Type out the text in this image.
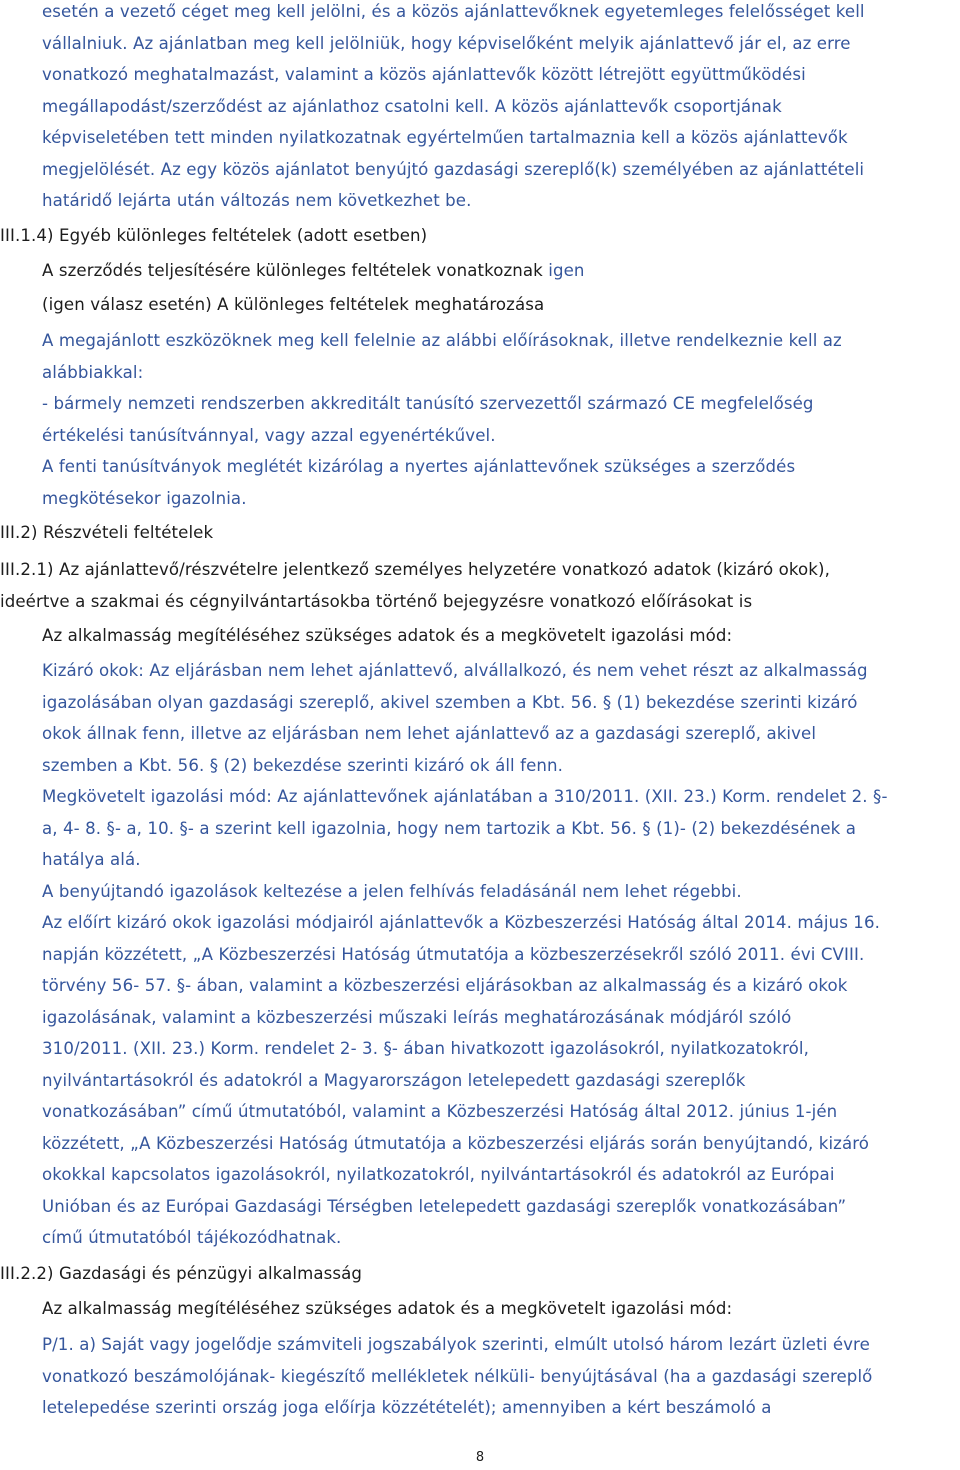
esetén a vezető céget meg kell jelölni, és a közös ajánlattevőknek egyetemleges felelősséget kell
vállalniuk. Az ajánlatban meg kell jelölniük, hogy képviselőként melyik ajánlattevő jár el, az erre
vonatkozó meghatalmazást, valamint a közös ajánlattevők között létrejött együttműködési
megállapodást/szerződést az ajánlathoz csatolni kell. A közös ajánlattevők csoportjának
képviseletében tett minden nyilatkozatnak egyértelműen tartalmaznia kell a közös ajánlattevők
megjelölését. Az egy közös ajánlatot benyújtó gazdasági szereplő(k) személyében az ajánlattételi
határidő lejárta után változás nem következhet be.
III.1.4) Egyéb különleges feltételek (adott esetben)
A szerződés teljesítésére különleges feltételek vonatkoznak igen
(igen válasz esetén) A különleges feltételek meghatározása
A megajánlott eszközöknek meg kell felelnie az alábbi előírásoknak, illetve rendelkeznie kell az
alábbiakkal:
- bármely nemzeti rendszerben akkreditált tanúsító szervezettől származó CE megfelelőség
értékelési tanúsítvánnyal, vagy azzal egyenértékűvel.
A fenti tanúsítványok meglétét kizárólag a nyertes ajánlattevőnek szükséges a szerződés
megkötésekor igazolnia.
III.2) Részvételi feltételek
III.2.1) Az ajánlattevő/részvételre jelentkező személyes helyzetére vonatkozó adatok (kizáró okok),
ideértve a szakmai és cégnyilvántartásokba történő bejegyzésre vonatkozó előírásokat is
Az alkalmasság megítéléséhez szükséges adatok és a megkövetelt igazolási mód:
Kizáró okok: Az eljárásban nem lehet ajánlattevő, alvállalkozó, és nem vehet részt az alkalmasság
igazolásában olyan gazdasági szereplő, akivel szemben a Kbt. 56. § (1) bekezdése szerinti kizáró
okok állnak fenn, illetve az eljárásban nem lehet ajánlattevő az a gazdasági szereplő, akivel
szemben a Kbt. 56. § (2) bekezdése szerinti kizáró ok áll fenn.
Megkövetelt igazolási mód: Az ajánlattevőnek ajánlatában a 310/2011. (XII. 23.) Korm. rendelet 2. §-
a, 4- 8. §- a, 10. §- a szerint kell igazolnia, hogy nem tartozik a Kbt. 56. § (1)- (2) bekezdésének a
hatálya alá.
A benyújtandó igazolások keltezése a jelen felhívás feladásánál nem lehet régebbi.
Az előírt kizáró okok igazolási módjairól ajánlattevők a Közbeszerzési Hatóság által 2014. május 16.
napján közzétett, „A Közbeszerzési Hatóság útmutatója a közbeszerzésekről szóló 2011. évi CVIII.
törvény 56- 57. §- ában, valamint a közbeszerzési eljárásokban az alkalmasság és a kizáró okok
igazolásának, valamint a közbeszerzési műszaki leírás meghatározásának módjáról szóló
310/2011. (XII. 23.) Korm. rendelet 2- 3. §- ában hivatkozott igazolásokról, nyilatkozatokról,
nyilvántartásokról és adatokról a Magyarországon letelepedett gazdasági szereplők
vonatkozásában” című útmutatóból, valamint a Közbeszerzési Hatóság által 2012. június 1-jén
közzétett, „A Közbeszerzési Hatóság útmutatója a közbeszerzési eljárás során benyújtandó, kizáró
okokkal kapcsolatos igazolásokról, nyilatkozatokról, nyilvántartásokról és adatokról az Európai
Unióban és az Európai Gazdasági Térségben letelepedett gazdasági szereplők vonatkozásában”
című útmutatóból tájékozódhatnak.
III.2.2) Gazdasági és pénzügyi alkalmasság
Az alkalmasság megítéléséhez szükséges adatok és a megkövetelt igazolási mód:
P/1. a) Saját vagy jogelődje számviteli jogszabályok szerinti, elmúlt utolsó három lezárt üzleti évre
vonatkozó beszámolójának- kiegészítő mellékletek nélküli- benyújtásával (ha a gazdasági szereplő
letelepedése szerinti ország joga előírja közzétételét); amennyiben a kért beszámoló a
8
